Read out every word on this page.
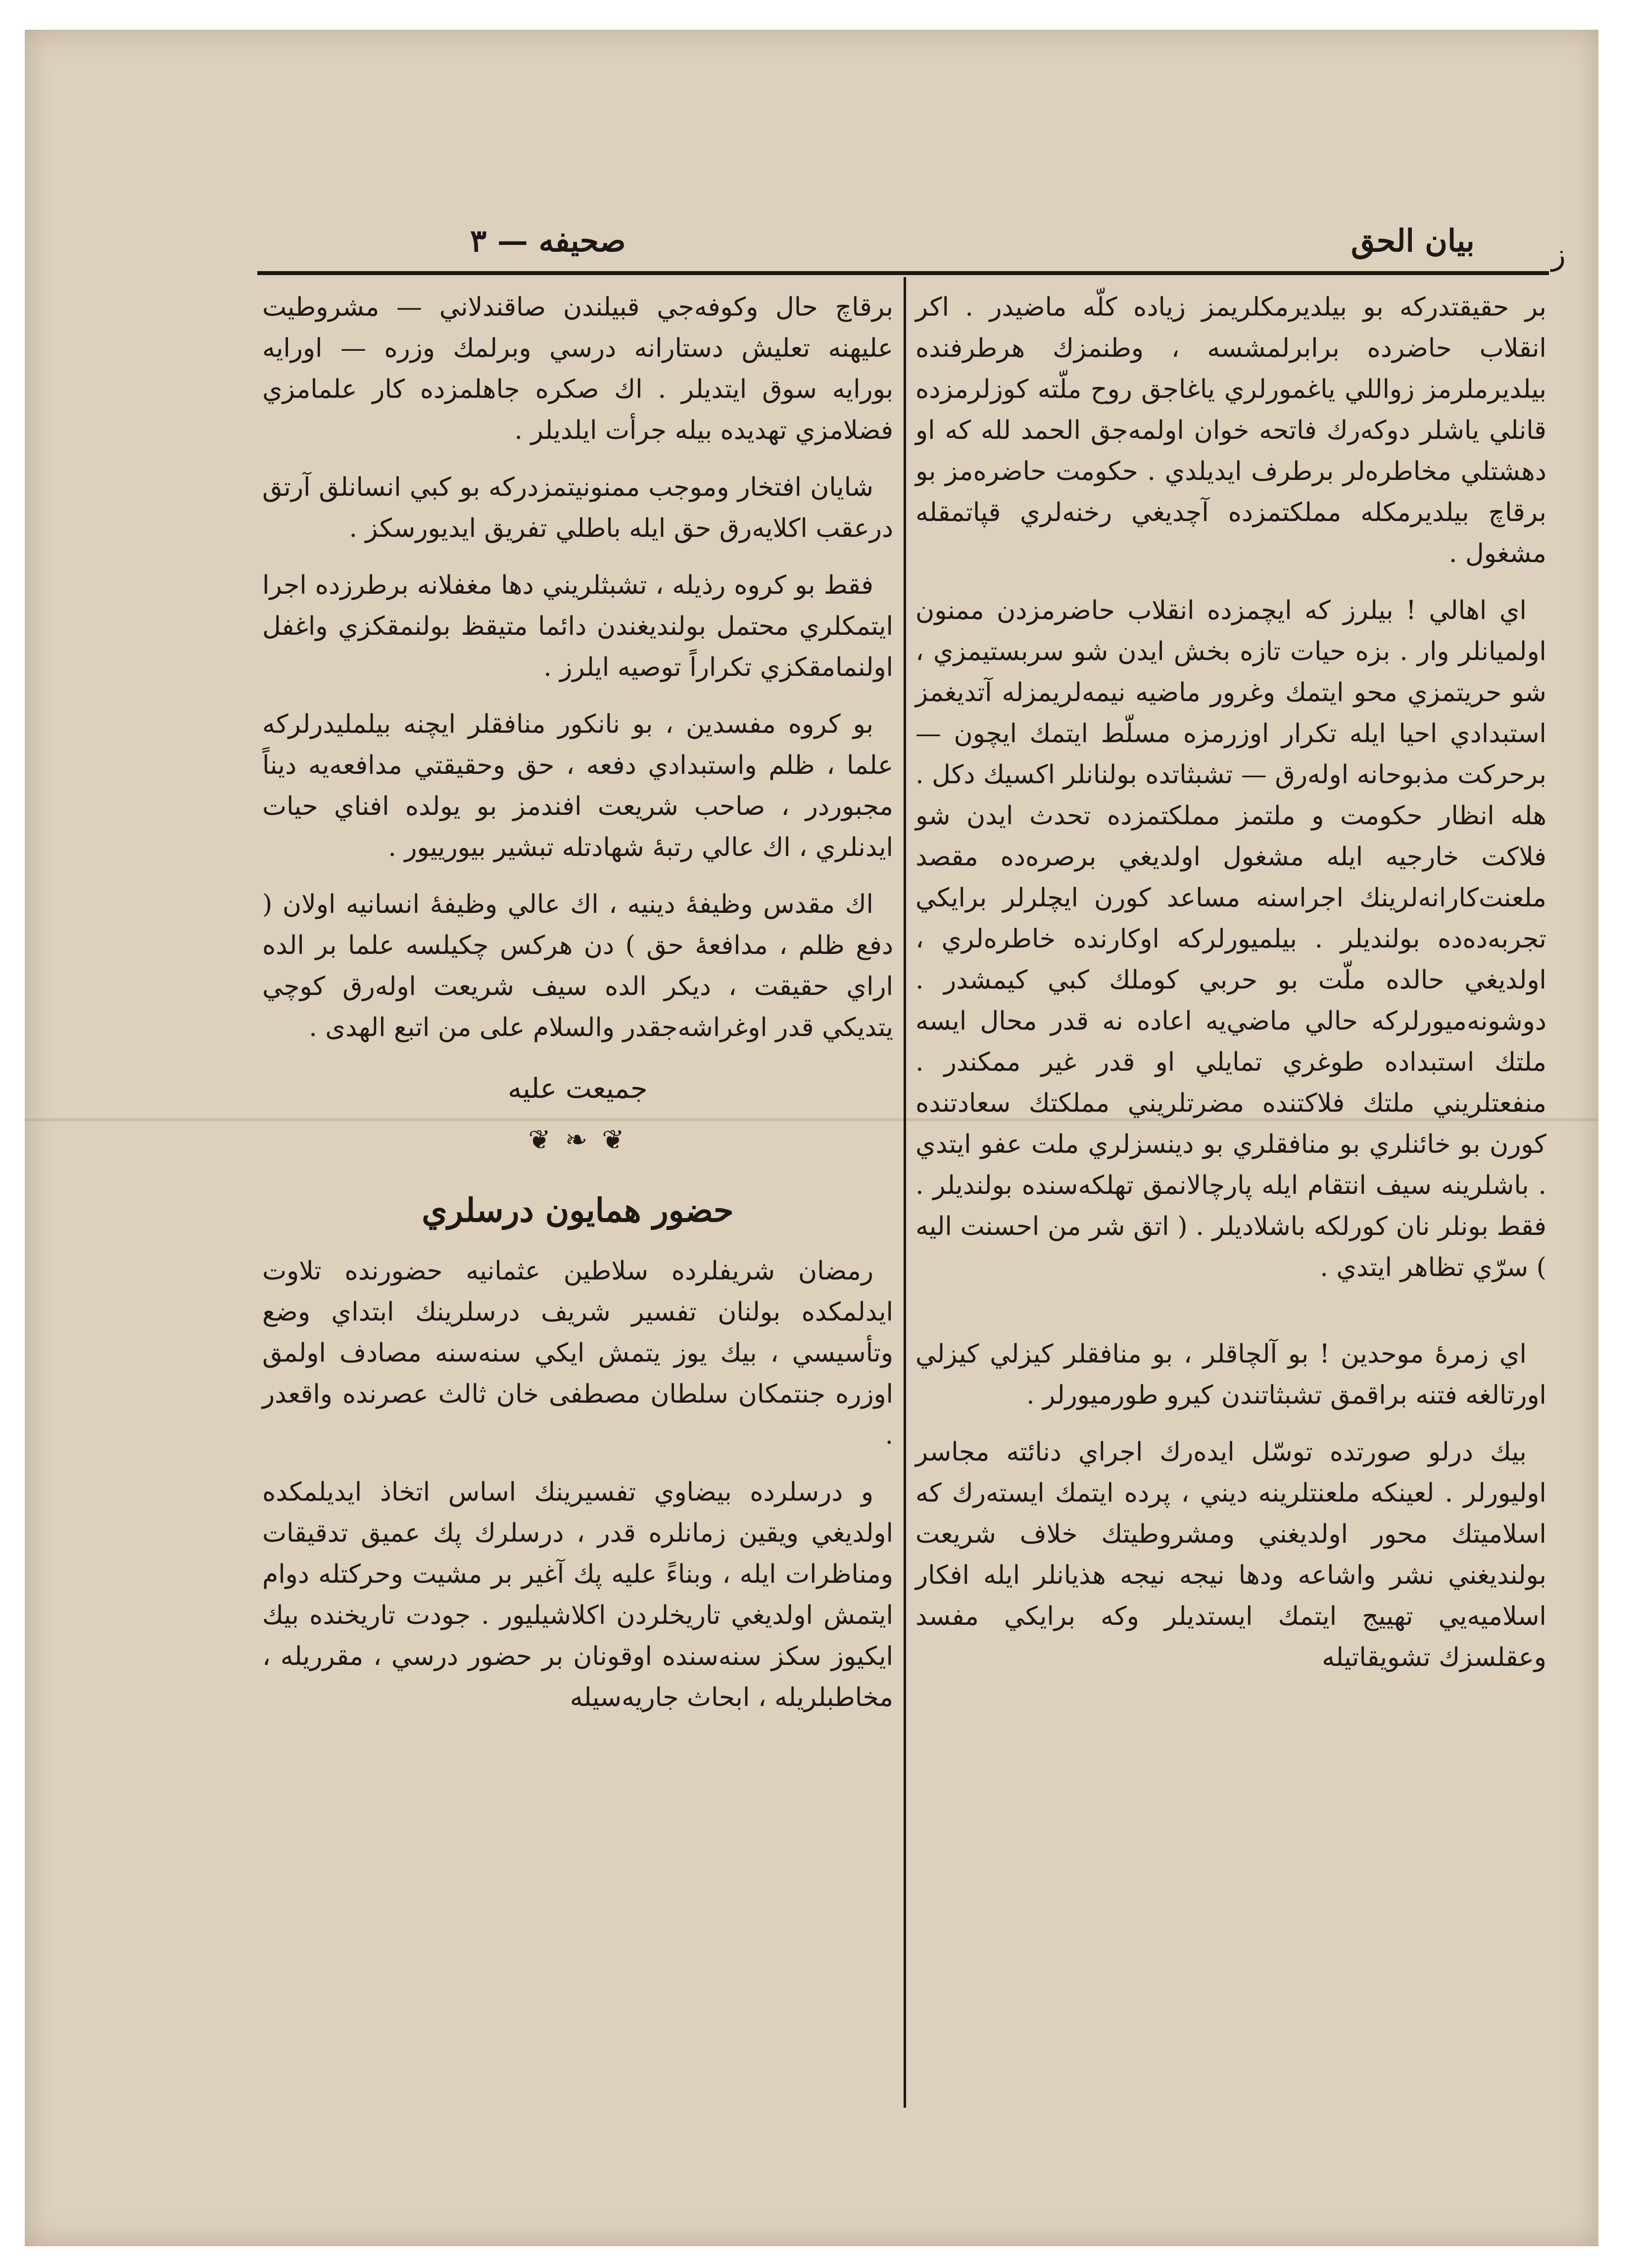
بيان الحق
صحيفه — ٣	ز

بر حقيقتدركه بو بيلديرمكلريمز زياده كلّه ماضيدر . اكر انقلاب حاضرده برابرلمشسه ، وطنمزك هرطرفنده بيلديرملرمز زواللي ياغمورلري ياغاجق روح ملّته كوزلرمزده قانلي ياشلر دوكه‌رك فاتحه خوان اولمه‌جق الحمد لله كه او دهشتلي مخاطره‌لر برطرف ايديلدي . حكومت حاضره‌مز بو برقاچ بيلديرمكله مملكتمزده آچديغي رخنه‌لري قپاتمقله مشغول .

اي اهالي ! بيلرز كه ايچمزده انقلاب حاضرمزدن ممنون اولميانلر وار . بزه حيات تازه بخش ايدن شو سربستيمزي ، شو حريتمزي محو ايتمك وغرور ماضيه نيمه‌لريمزله آتديغمز استبدادي احيا ايله تكرار اوزرمزه مسلّط ايتمك ايچون — برحركت مذبوحانه اوله‌رق — تشبثاتده بولنانلر اكسيك دكل . هله انظار حكومت و ملتمز مملكتمزده تحدث ايدن شو فلاكت خارجيه ايله مشغول اولديغي برصره‌ده مقصد ملعنت‌كارانه‌لرينك اجراسنه مساعد كورن ايچلرلر برايكي تجربه‌ده‌ده بولنديلر . بيلميورلركه اوكارنده خاطره‌لري ، اولديغي حالده ملّت بو حربي كوملك كبي كيمشدر . دوشونه‌ميورلركه حالي ماضي‌يه اعاده نه قدر محال ايسه ملتك استبداده طوغري تمايلي او قدر غير ممكندر . منفعتلريني ملتك فلاكتنده مضرتلريني مملكتك سعادتنده كورن بو خائنلري بو منافقلري بو دينسزلري ملت عفو ايتدي . باشلرينه سيف انتقام ايله پارچالانمق تهلكه‌سنده بولنديلر . فقط بونلر نان كورلكه باشلاديلر . ( اتق شر من احسنت اليه ) سرّي تظاهر ايتدي .

اي زمرۀ موحدين ! بو آلچاقلر ، بو منافقلر كيزلي كيزلي اورتالغه فتنه براقمق تشبثاتندن كيرو طورميورلر .

بيك درلو صورتده توسّل ايده‌رك اجراي دنائته مجاسر اوليورلر . لعينكه ملعنتلرينه ديني ، پرده ايتمك ايسته‌رك كه اسلاميتك محور اولديغني ومشروطيتك خلاف شريعت بولنديغني نشر واشاعه ودها نيجه نيجه هذيانلر ايله افكار اسلاميه‌يي تهييج ايتمك ايستديلر وكه برايكي مفسد وعقلسزك تشويقاتيله

برقاچ حال وكوفه‌جي قبيلندن صاقندلاني — مشروطيت عليهنه تعليش دستارانه درسي وبرلمك وزره — اورايه بورايه سوق ايتديلر . اك صكره جاهلمزده كار علمامزي فضلامزي تهديده بيله جرأت ايلديلر .

شايان افتخار وموجب ممنونيتمزدركه بو كبي انسانلق آرتق درعقب اكلايه‌رق حق ايله باطلي تفريق ايديورسكز .

فقط بو كروه رذيله ، تشبثلريني دها مغفلانه برطرزده اجرا ايتمكلري محتمل بولنديغندن دائما متيقظ بولنمقكزي واغفل اولنمامقكزي تكراراً توصيه ايلرز .

بو كروه مفسدين ، بو نانكور منافقلر ايچنه بيلمليدرلركه علما ، ظلم واستبدادي دفعه ، حق وحقيقتي مدافعه‌يه ديناً مجبوردر ، صاحب شريعت افندمز بو يولده افناي حيات ايدنلري ، اك عالي رتبۀ شهادتله تبشير بيورييور .

اك مقدس وظيفۀ دينيه ، اك عالي وظيفۀ انسانيه اولان ( دفع ظلم ، مدافعۀ حق ) دن هركس چكيلسه علما بر الده اراي حقيقت ، ديكر الده سيف شريعت اوله‌رق كوچي يتديكي قدر اوغراشه‌جقدر والسلام على من اتبع الهدى .

جميعت عليه
❦ ❧ ❦
حضور همايون درسلري

رمضان شريفلرده سلاطين عثمانيه حضورنده تلاوت ايدلمكده بولنان تفسير شريف درسلرينك ابتداي وضع وتأسيسي ، بيك يوز يتمش ايكي سنه‌سنه مصادف اولمق اوزره جنتمكان سلطان مصطفى خان ثالث عصرنده واقعدر .

و درسلرده بيضاوي تفسيرينك اساس اتخاذ ايديلمكده اولديغي ويقين زمانلره قدر ، درسلرك پك عميق تدقيقات ومناظرات ايله ، وبناءً عليه پك آغير بر مشيت وحركتله دوام ايتمش اولديغي تاريخلردن اكلاشيليور . جودت تاريخنده بيك ايكيوز سكز سنه‌سنده اوقونان بر حضور درسي ، مقرريله ، مخاطبلريله ، ابحاث جاريه‌سيله
